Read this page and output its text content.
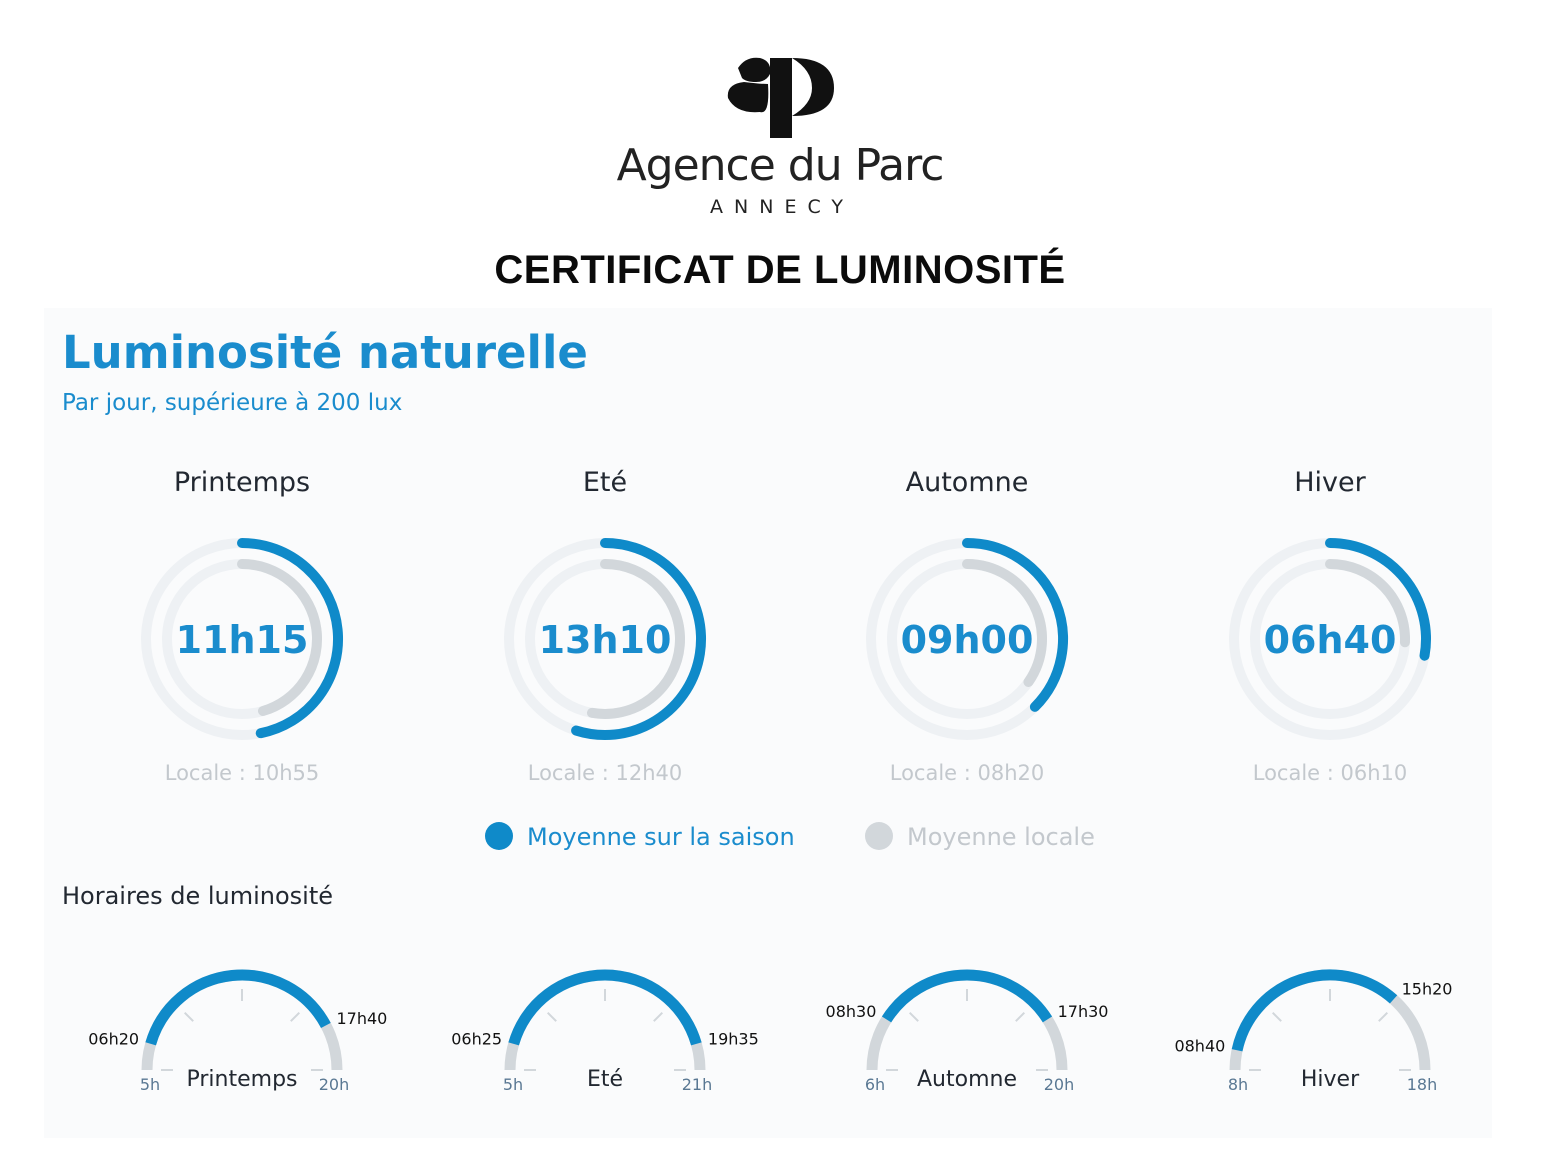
Agence du Parc
ANNECY
CERTIFICAT DE LUMINOSITÉ
Luminosité naturelle
Par jour, supérieure à 200 lux
Printemps
11h15
Locale : 10h55
Eté
13h10
Locale : 12h40
Automne
09h00
Locale : 08h20
Hiver
06h40
Locale : 06h10
Moyenne sur la saison	Moyenne locale
Horaires de luminosité
5h	20h
Printemps
06h20
17h40
5h	21h
Eté
06h25	19h35
6h	20h
Automne
08h30	17h30
8h	18h
Hiver
08h40
15h20
